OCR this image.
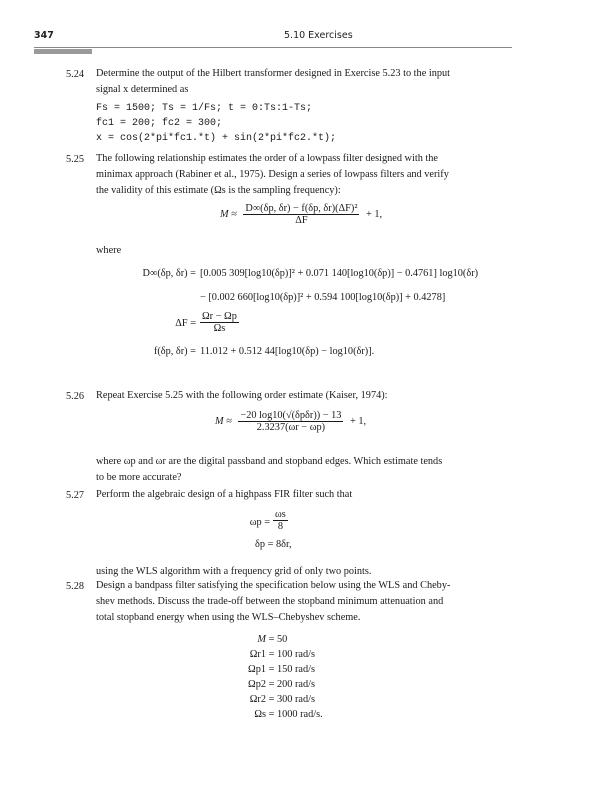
347	5.10 Exercises
5.24 Determine the output of the Hilbert transformer designed in Exercise 5.23 to the input
signal x determined as
Fs = 1500; Ts = 1/Fs; t = 0:Ts:1-Ts;
fc1 = 200; fc2 = 300;
x = cos(2*pi*fc1.*t) + sin(2*pi*fc2.*t);
5.25 The following relationship estimates the order of a lowpass filter designed with the
minimax approach (Rabiner et al., 1975). Design a series of lowpass filters and verify
the validity of this estimate (Ωs is the sampling frequency):
$M \approx \frac{\text{D∞(δp, δr) − f(δp, δr)(ΔF)²}}{\Delta F} + 1$,
where
D∞(δp, δr) = [0.005 309[log10(δp)]² + 0.071 140[log10(δp)] − 0.4761] log10(δr)
− [0.002 660[log10(δp)]² + 0.594 100[log10(δp)] + 0.4278]
$\Delta F = \frac{\Omega r - \Omega p}{\Omega s}$
f(δp, δr) = 11.012 + 0.512 44[log10(δp) − log10(δr)].
5.26 Repeat Exercise 5.25 with the following order estimate (Kaiser, 1974):
$M \approx \frac{\text{−20 log10(√(δpδr)) − 13}}{2.3237(\omega r - \omega p)} + 1$,
where ωp and ωr are the digital passband and stopband edges. Which estimate tends
to be more accurate?
5.27 Perform the algebraic design of a highpass FIR filter such that
$\omega p = \frac{\omega s}{8}$
δp = 8δr,
using the WLS algorithm with a frequency grid of only two points.
5.28 Design a bandpass filter satisfying the specification below using the WLS and Cheby-
shev methods. Discuss the trade-off between the stopband minimum attenuation and
total stopband energy when using the WLS–Chebyshev scheme.
M = 50
Ωr1 = 100 rad/s
Ωp1 = 150 rad/s
Ωp2 = 200 rad/s
Ωr2 = 300 rad/s
Ωs = 1000 rad/s.
